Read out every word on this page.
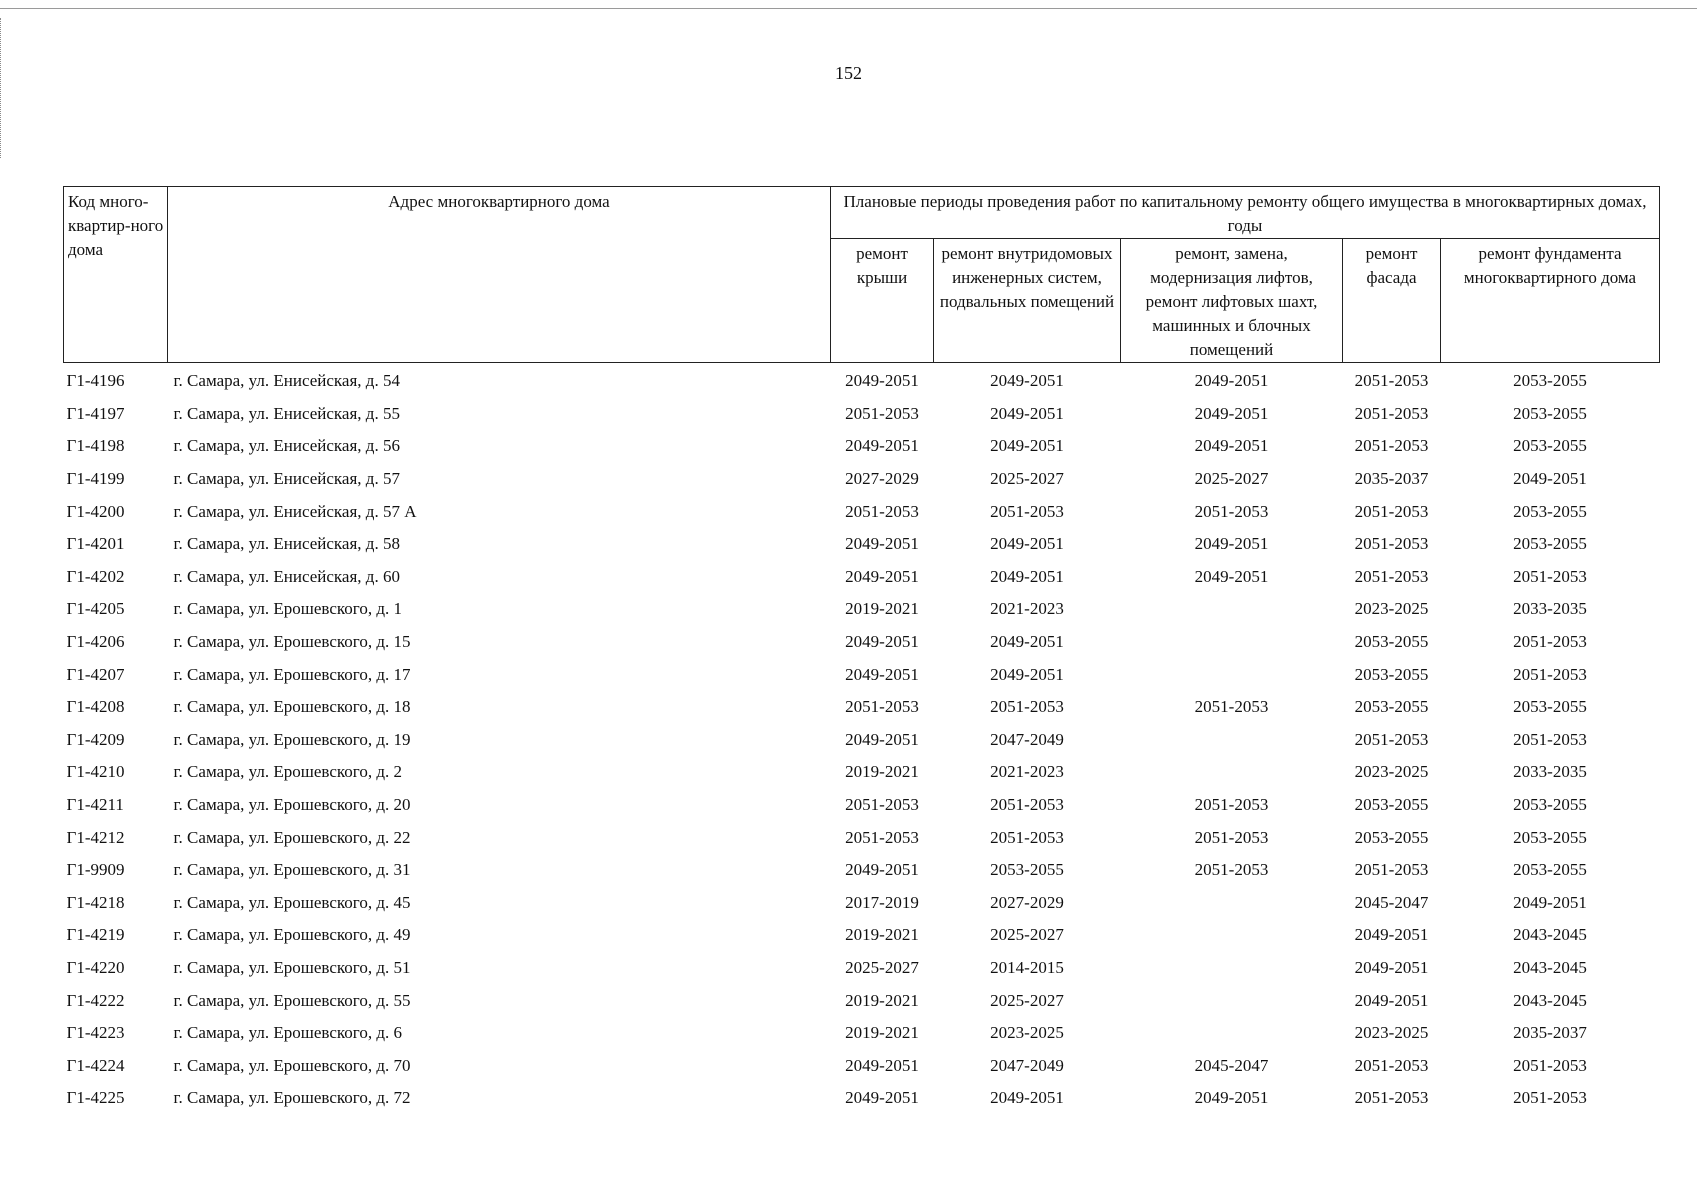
152
Код много-квартир-ного дома	Адрес многоквартирного дома	Плановые периоды проведения работ по капитальному ремонту общего имущества в многоквартирных домах, годы				
		ремонт крыши	ремонт внутридомовых инженерных систем, подвальных помещений	ремонт, замена, модернизация лифтов, ремонт лифтовых шахт, машинных и блочных помещений	ремонт фасада	ремонт фундамента многоквартирного дома
Г1-4196	г. Самара, ул. Енисейская, д. 54	2049-2051	2049-2051	2049-2051	2051-2053	2053-2055
Г1-4197	г. Самара, ул. Енисейская, д. 55	2051-2053	2049-2051	2049-2051	2051-2053	2053-2055
Г1-4198	г. Самара, ул. Енисейская, д. 56	2049-2051	2049-2051	2049-2051	2051-2053	2053-2055
Г1-4199	г. Самара, ул. Енисейская, д. 57	2027-2029	2025-2027	2025-2027	2035-2037	2049-2051
Г1-4200	г. Самара, ул. Енисейская, д. 57 А	2051-2053	2051-2053	2051-2053	2051-2053	2053-2055
Г1-4201	г. Самара, ул. Енисейская, д. 58	2049-2051	2049-2051	2049-2051	2051-2053	2053-2055
Г1-4202	г. Самара, ул. Енисейская, д. 60	2049-2051	2049-2051	2049-2051	2051-2053	2051-2053
Г1-4205	г. Самара, ул. Ерошевского, д. 1	2019-2021	2021-2023		2023-2025	2033-2035
Г1-4206	г. Самара, ул. Ерошевского, д. 15	2049-2051	2049-2051		2053-2055	2051-2053
Г1-4207	г. Самара, ул. Ерошевского, д. 17	2049-2051	2049-2051		2053-2055	2051-2053
Г1-4208	г. Самара, ул. Ерошевского, д. 18	2051-2053	2051-2053	2051-2053	2053-2055	2053-2055
Г1-4209	г. Самара, ул. Ерошевского, д. 19	2049-2051	2047-2049		2051-2053	2051-2053
Г1-4210	г. Самара, ул. Ерошевского, д. 2	2019-2021	2021-2023		2023-2025	2033-2035
Г1-4211	г. Самара, ул. Ерошевского, д. 20	2051-2053	2051-2053	2051-2053	2053-2055	2053-2055
Г1-4212	г. Самара, ул. Ерошевского, д. 22	2051-2053	2051-2053	2051-2053	2053-2055	2053-2055
Г1-9909	г. Самара, ул. Ерошевского, д. 31	2049-2051	2053-2055	2051-2053	2051-2053	2053-2055
Г1-4218	г. Самара, ул. Ерошевского, д. 45	2017-2019	2027-2029		2045-2047	2049-2051
Г1-4219	г. Самара, ул. Ерошевского, д. 49	2019-2021	2025-2027		2049-2051	2043-2045
Г1-4220	г. Самара, ул. Ерошевского, д. 51	2025-2027	2014-2015		2049-2051	2043-2045
Г1-4222	г. Самара, ул. Ерошевского, д. 55	2019-2021	2025-2027		2049-2051	2043-2045
Г1-4223	г. Самара, ул. Ерошевского, д. 6	2019-2021	2023-2025		2023-2025	2035-2037
Г1-4224	г. Самара, ул. Ерошевского, д. 70	2049-2051	2047-2049	2045-2047	2051-2053	2051-2053
Г1-4225	г. Самара, ул. Ерошевского, д. 72	2049-2051	2049-2051	2049-2051	2051-2053	2051-2053
